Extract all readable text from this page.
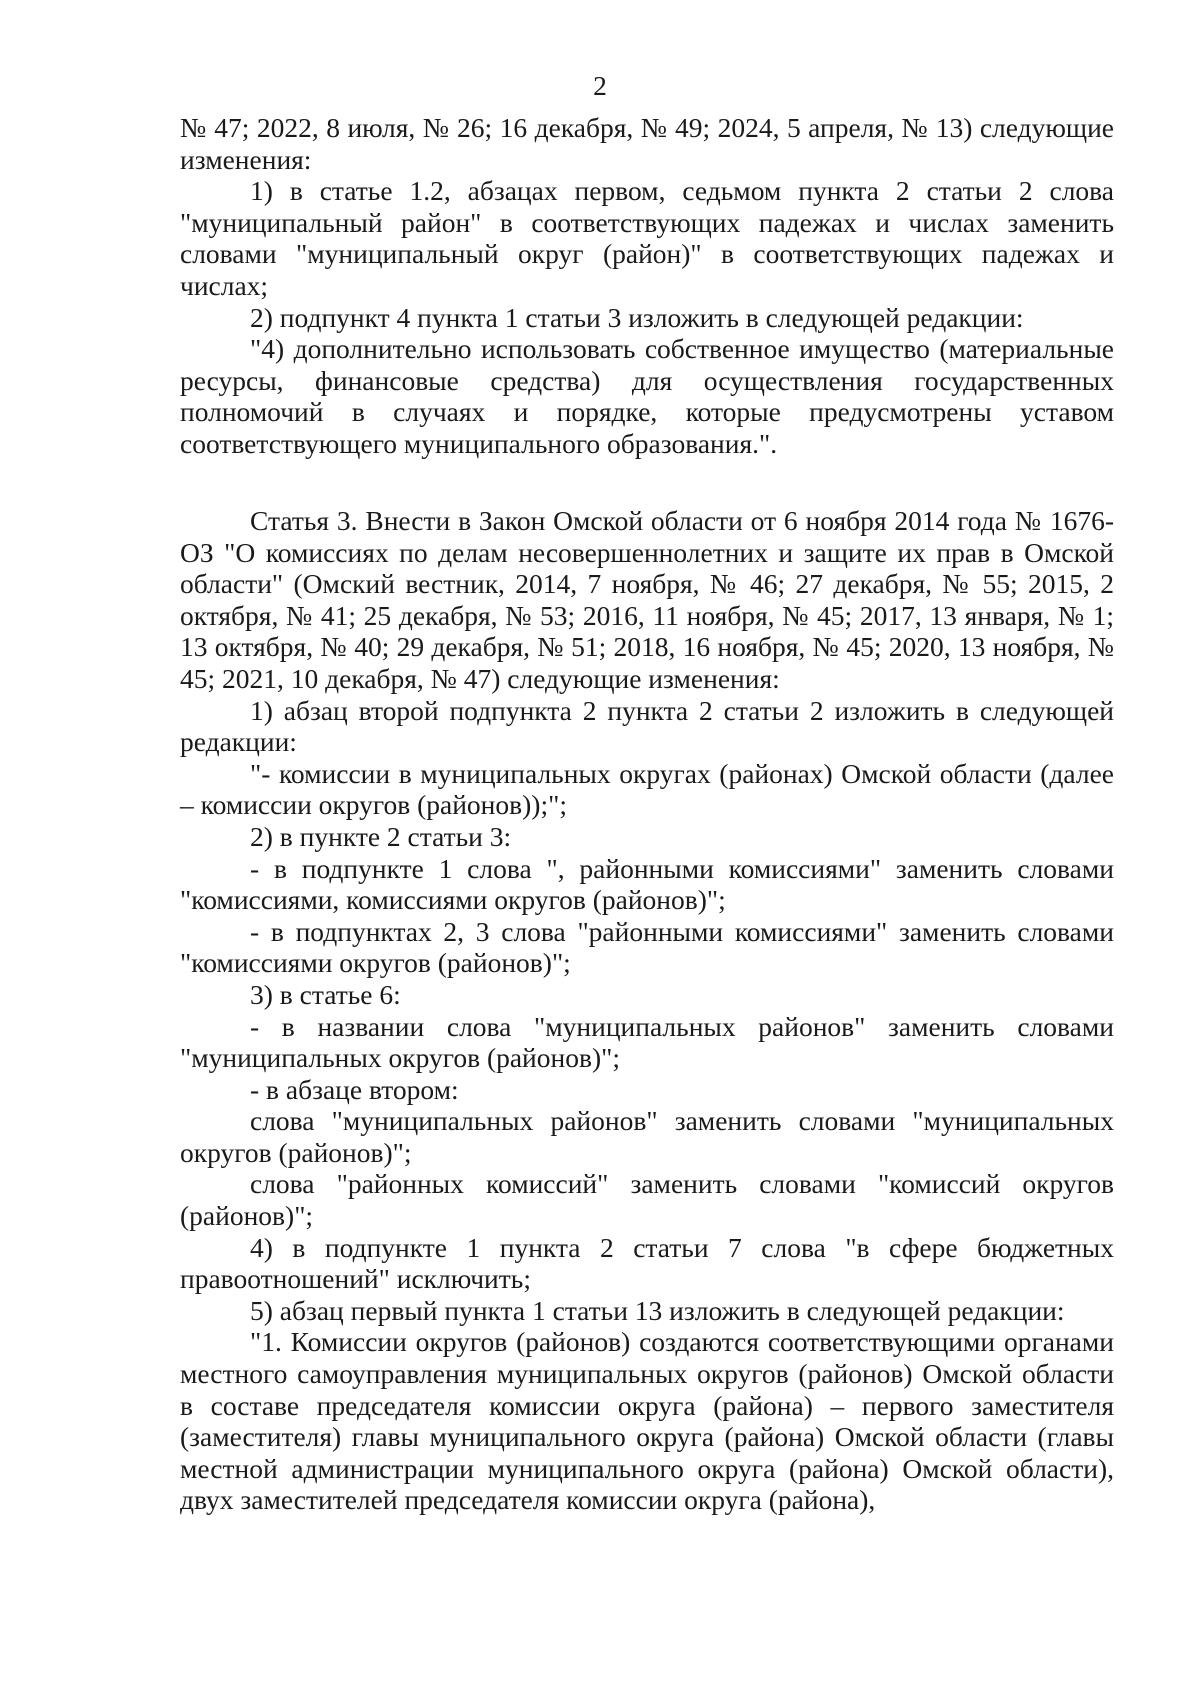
2

№ 47; 2022, 8 июля, № 26; 16 декабря, № 49; 2024, 5 апреля, № 13) следующие изменения:

1) в статье 1.2, абзацах первом, седьмом пункта 2 статьи 2 слова "муниципальный район" в соответствующих падежах и числах заменить словами "муниципальный округ (район)" в соответствующих падежах и числах;

2) подпункт 4 пункта 1 статьи 3 изложить в следующей редакции:

"4) дополнительно использовать собственное имущество (материальные ресурсы, финансовые средства) для осуществления государственных полномочий в случаях и порядке, которые предусмотрены уставом соответствующего муниципального образования.".

Статья 3. Внести в Закон Омской области от 6 ноября 2014 года № 1676-ОЗ "О комиссиях по делам несовершеннолетних и защите их прав в Омской области" (Омский вестник, 2014, 7 ноября, № 46; 27 декабря, № 55; 2015, 2 октября, № 41; 25 декабря, № 53; 2016, 11 ноября, № 45; 2017, 13 января, № 1; 13 октября, № 40; 29 декабря, № 51; 2018, 16 ноября, № 45; 2020, 13 ноября, № 45; 2021, 10 декабря, № 47) следующие изменения:

1) абзац второй подпункта 2 пункта 2 статьи 2 изложить в следующей редакции:

"- комиссии в муниципальных округах (районах) Омской области (далее – комиссии округов (районов));";

2) в пункте 2 статьи 3:

- в подпункте 1 слова ", районными комиссиями" заменить словами "комиссиями, комиссиями округов (районов)";

- в подпунктах 2, 3 слова "районными комиссиями" заменить словами "комиссиями округов (районов)";

3) в статье 6:

- в названии слова "муниципальных районов" заменить словами "муниципальных округов (районов)";

- в абзаце втором:

слова "муниципальных районов" заменить словами "муниципальных округов (районов)";

слова "районных комиссий" заменить словами "комиссий округов (районов)";

4) в подпункте 1 пункта 2 статьи 7 слова "в сфере бюджетных правоотношений" исключить;

5) абзац первый пункта 1 статьи 13 изложить в следующей редакции:

"1. Комиссии округов (районов) создаются соответствующими органами местного самоуправления муниципальных округов (районов) Омской области в составе председателя комиссии округа (района) – первого заместителя (заместителя) главы муниципального округа (района) Омской области (главы местной администрации муниципального округа (района) Омской области), двух заместителей председателя комиссии округа (района),
